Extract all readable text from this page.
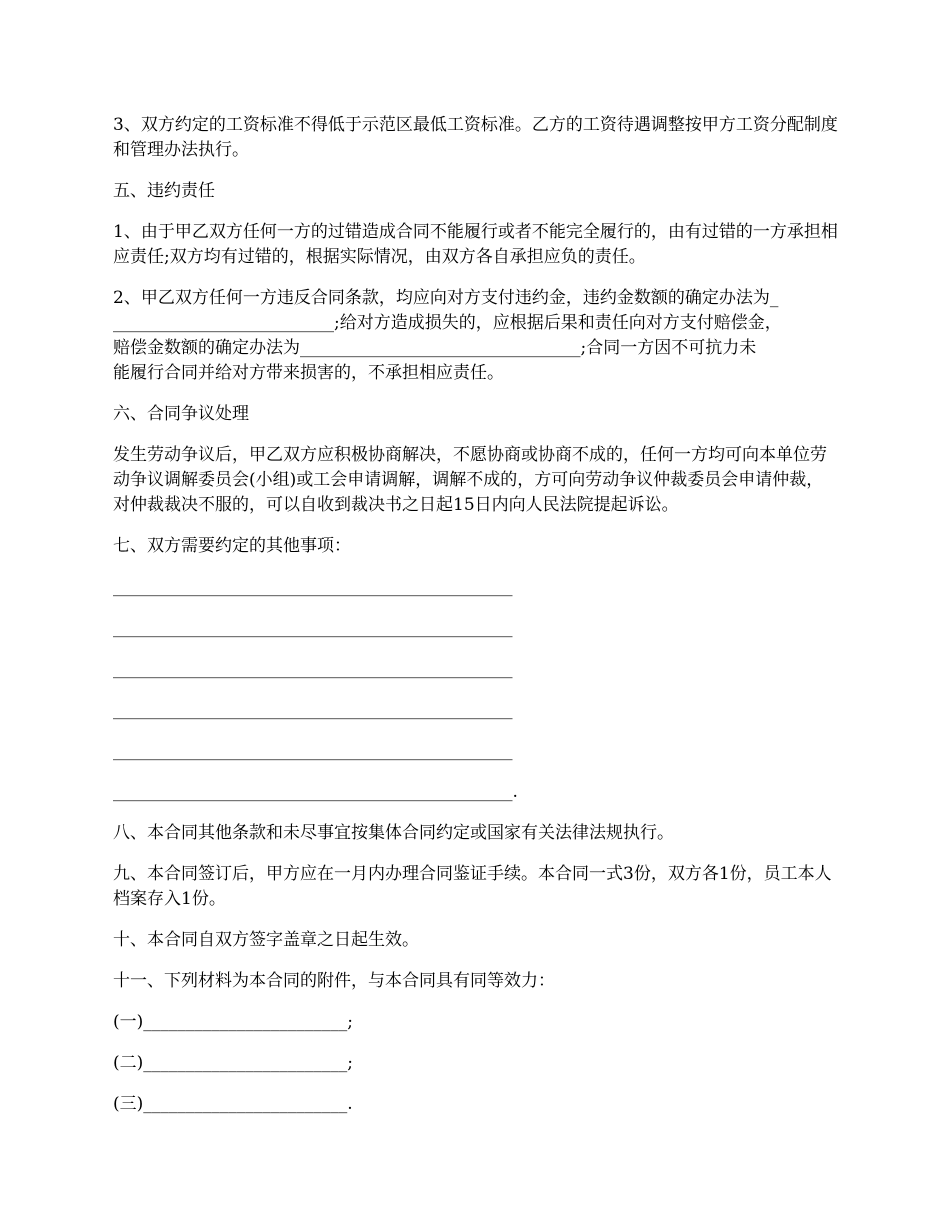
3、双方约定的工资标准不得低于示范区最低工资标准。乙方的工资待遇调整按甲方工资分配制度和管理办法执行。

五、违约责任

1、由于甲乙双方任何一方的过错造成合同不能履行或者不能完全履行的，由有过错的一方承担相应责任;双方均有过错的，根据实际情况，由双方各自承担应负的责任。

2、甲乙双方任何一方违反合同条款，均应向对方支付违约金，违约金数额的确定办法为_
__________________________;给对方造成损失的，应根据后果和责任向对方支付赔偿金，
赔偿金数额的确定办法为_________________________________;合同一方因不可抗力未
能履行合同并给对方带来损害的，不承担相应责任。

六、合同争议处理

发生劳动争议后，甲乙双方应积极协商解决，不愿协商或协商不成的，任何一方均可向本单位劳动争议调解委员会(小组)或工会申请调解，调解不成的，方可向劳动争议仲裁委员会申请仲裁，对仲裁裁决不服的，可以自收到裁决书之日起15日内向人民法院提起诉讼。

七、双方需要约定的其他事项：

_______________________________________________
_______________________________________________
_______________________________________________
_______________________________________________
_______________________________________________
_______________________________________________.

八、本合同其他条款和未尽事宜按集体合同约定或国家有关法律法规执行。

九、本合同签订后，甲方应在一月内办理合同鉴证手续。本合同一式3份，双方各1份，员工本人档案存入1份。

十、本合同自双方签字盖章之日起生效。

十一、下列材料为本合同的附件，与本合同具有同等效力：

(一)________________________;
(二)________________________;
(三)________________________.
